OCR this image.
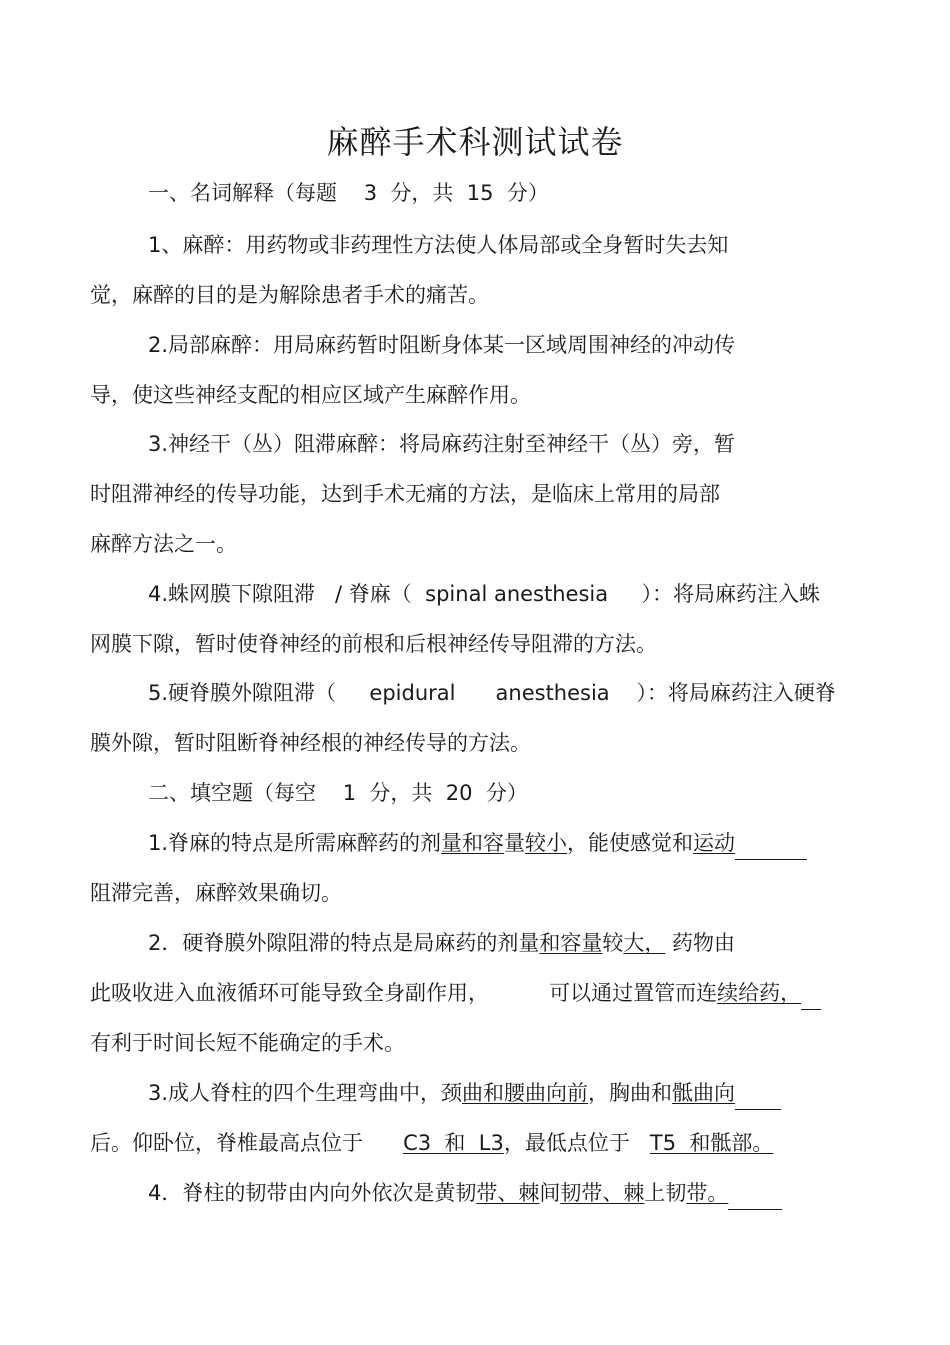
麻醉手术科测试试卷
一、名词解释（每题    3  分，共  15  分）
1、麻醉：用药物或非药理性方法使人体局部或全身暂时失去知
觉，麻醉的目的是为解除患者手术的痛苦。
2.局部麻醉：用局麻药暂时阻断身体某一区域周围神经的冲动传
导，使这些神经支配的相应区域产生麻醉作用。
3.神经干（丛）阻滞麻醉：将局麻药注射至神经干（丛）旁，暂
时阻滞神经的传导功能，达到手术无痛的方法，是临床上常用的局部
麻醉方法之一。
4.蛛网膜下隙阻滞   / 脊麻（  spinal anesthesia     ）：将局麻药注入蛛
网膜下隙，暂时使脊神经的前根和后根神经传导阻滞的方法。
5.硬脊膜外隙阻滞（     epidural      anesthesia    ）：将局麻药注入硬脊
膜外隙，暂时阻断脊神经根的神经传导的方法。
二、填空题（每空    1  分，共  20  分）
1.脊麻的特点是所需麻醉药的剂量和容量较小，能使感觉和运动
阻滞完善，麻醉效果确切。
2．硬脊膜外隙阻滞的特点是局麻药的剂量和容量较大， 药物由
此吸收进入血液循环可能导致全身副作用，         可以通过置管而连续给药，
有利于时间长短不能确定的手术。
3.成人脊柱的四个生理弯曲中，颈曲和腰曲向前，胸曲和骶曲向
后。仰卧位，脊椎最高点位于      C3  和  L3，最低点位于   T5  和骶部。
4．脊柱的韧带由内向外依次是黄韧带、棘间韧带、棘上韧带。
